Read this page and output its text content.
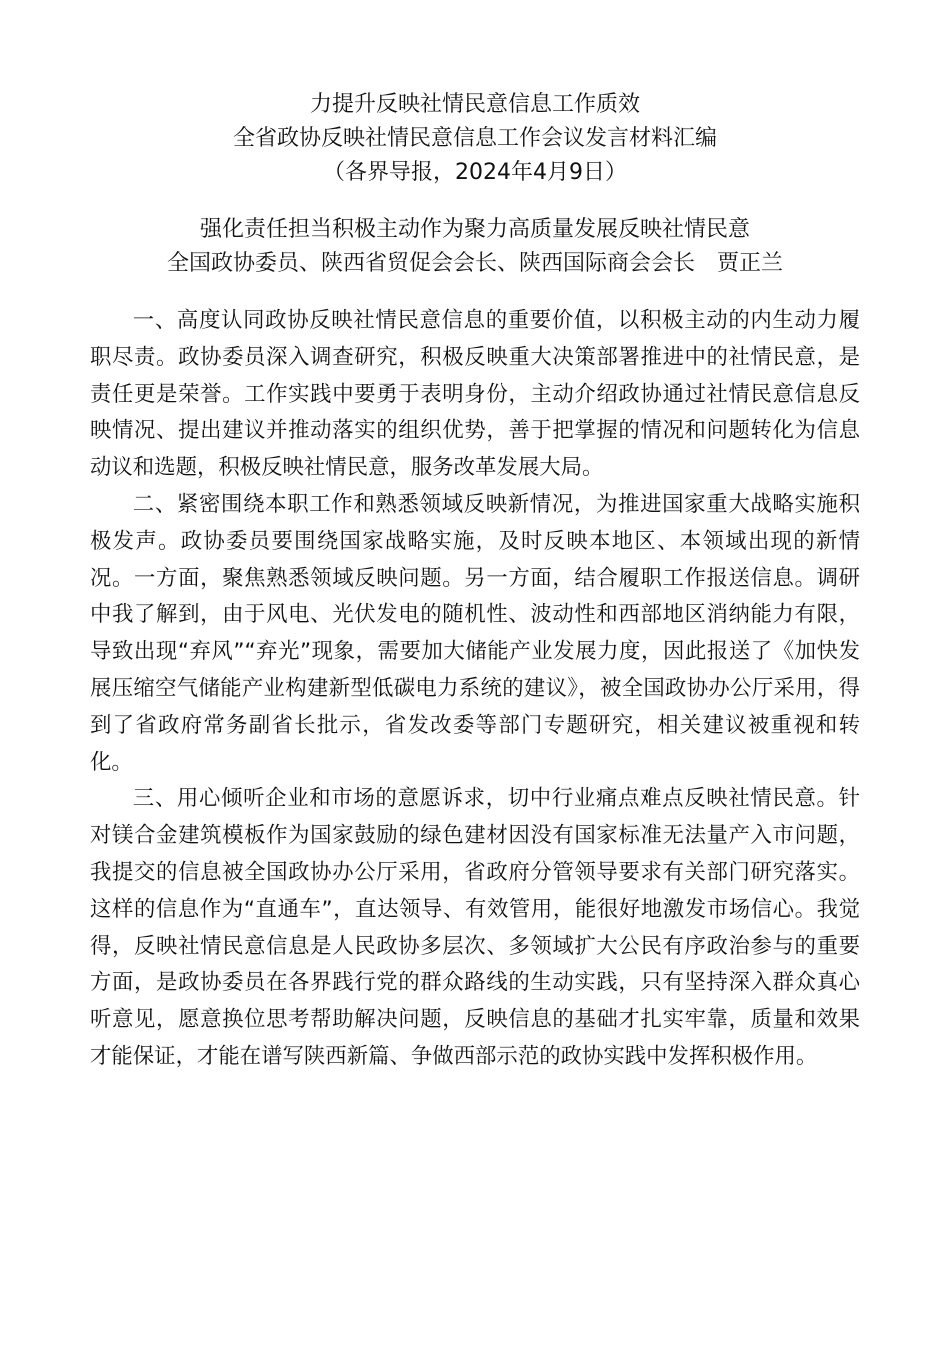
力提升反映社情民意信息工作质效
全省政协反映社情民意信息工作会议发言材料汇编
（各界导报，2024年4月9日）
强化责任担当积极主动作为聚力高质量发展反映社情民意
全国政协委员、陕西省贸促会会长、陕西国际商会会长 贾正兰

一、高度认同政协反映社情民意信息的重要价值，以积极主动的内生动力履职尽责。政协委员深入调查研究，积极反映重大决策部署推进中的社情民意，是责任更是荣誉。工作实践中要勇于表明身份，主动介绍政协通过社情民意信息反映情况、提出建议并推动落实的组织优势，善于把掌握的情况和问题转化为信息动议和选题，积极反映社情民意，服务改革发展大局。

二、紧密围绕本职工作和熟悉领域反映新情况，为推进国家重大战略实施积极发声。政协委员要围绕国家战略实施，及时反映本地区、本领域出现的新情况。一方面，聚焦熟悉领域反映问题。另一方面，结合履职工作报送信息。调研中我了解到，由于风电、光伏发电的随机性、波动性和西部地区消纳能力有限，导致出现“弃风”“弃光”现象，需要加大储能产业发展力度，因此报送了《加快发展压缩空气储能产业构建新型低碳电力系统的建议》，被全国政协办公厅采用，得到了省政府常务副省长批示，省发改委等部门专题研究，相关建议被重视和转化。

三、用心倾听企业和市场的意愿诉求，切中行业痛点难点反映社情民意。针对镁合金建筑模板作为国家鼓励的绿色建材因没有国家标准无法量产入市问题，我提交的信息被全国政协办公厅采用，省政府分管领导要求有关部门研究落实。这样的信息作为“直通车”，直达领导、有效管用，能很好地激发市场信心。我觉得，反映社情民意信息是人民政协多层次、多领域扩大公民有序政治参与的重要方面，是政协委员在各界践行党的群众路线的生动实践，只有坚持深入群众真心听意见，愿意换位思考帮助解决问题，反映信息的基础才扎实牢靠，质量和效果才能保证，才能在谱写陕西新篇、争做西部示范的政协实践中发挥积极作用。
